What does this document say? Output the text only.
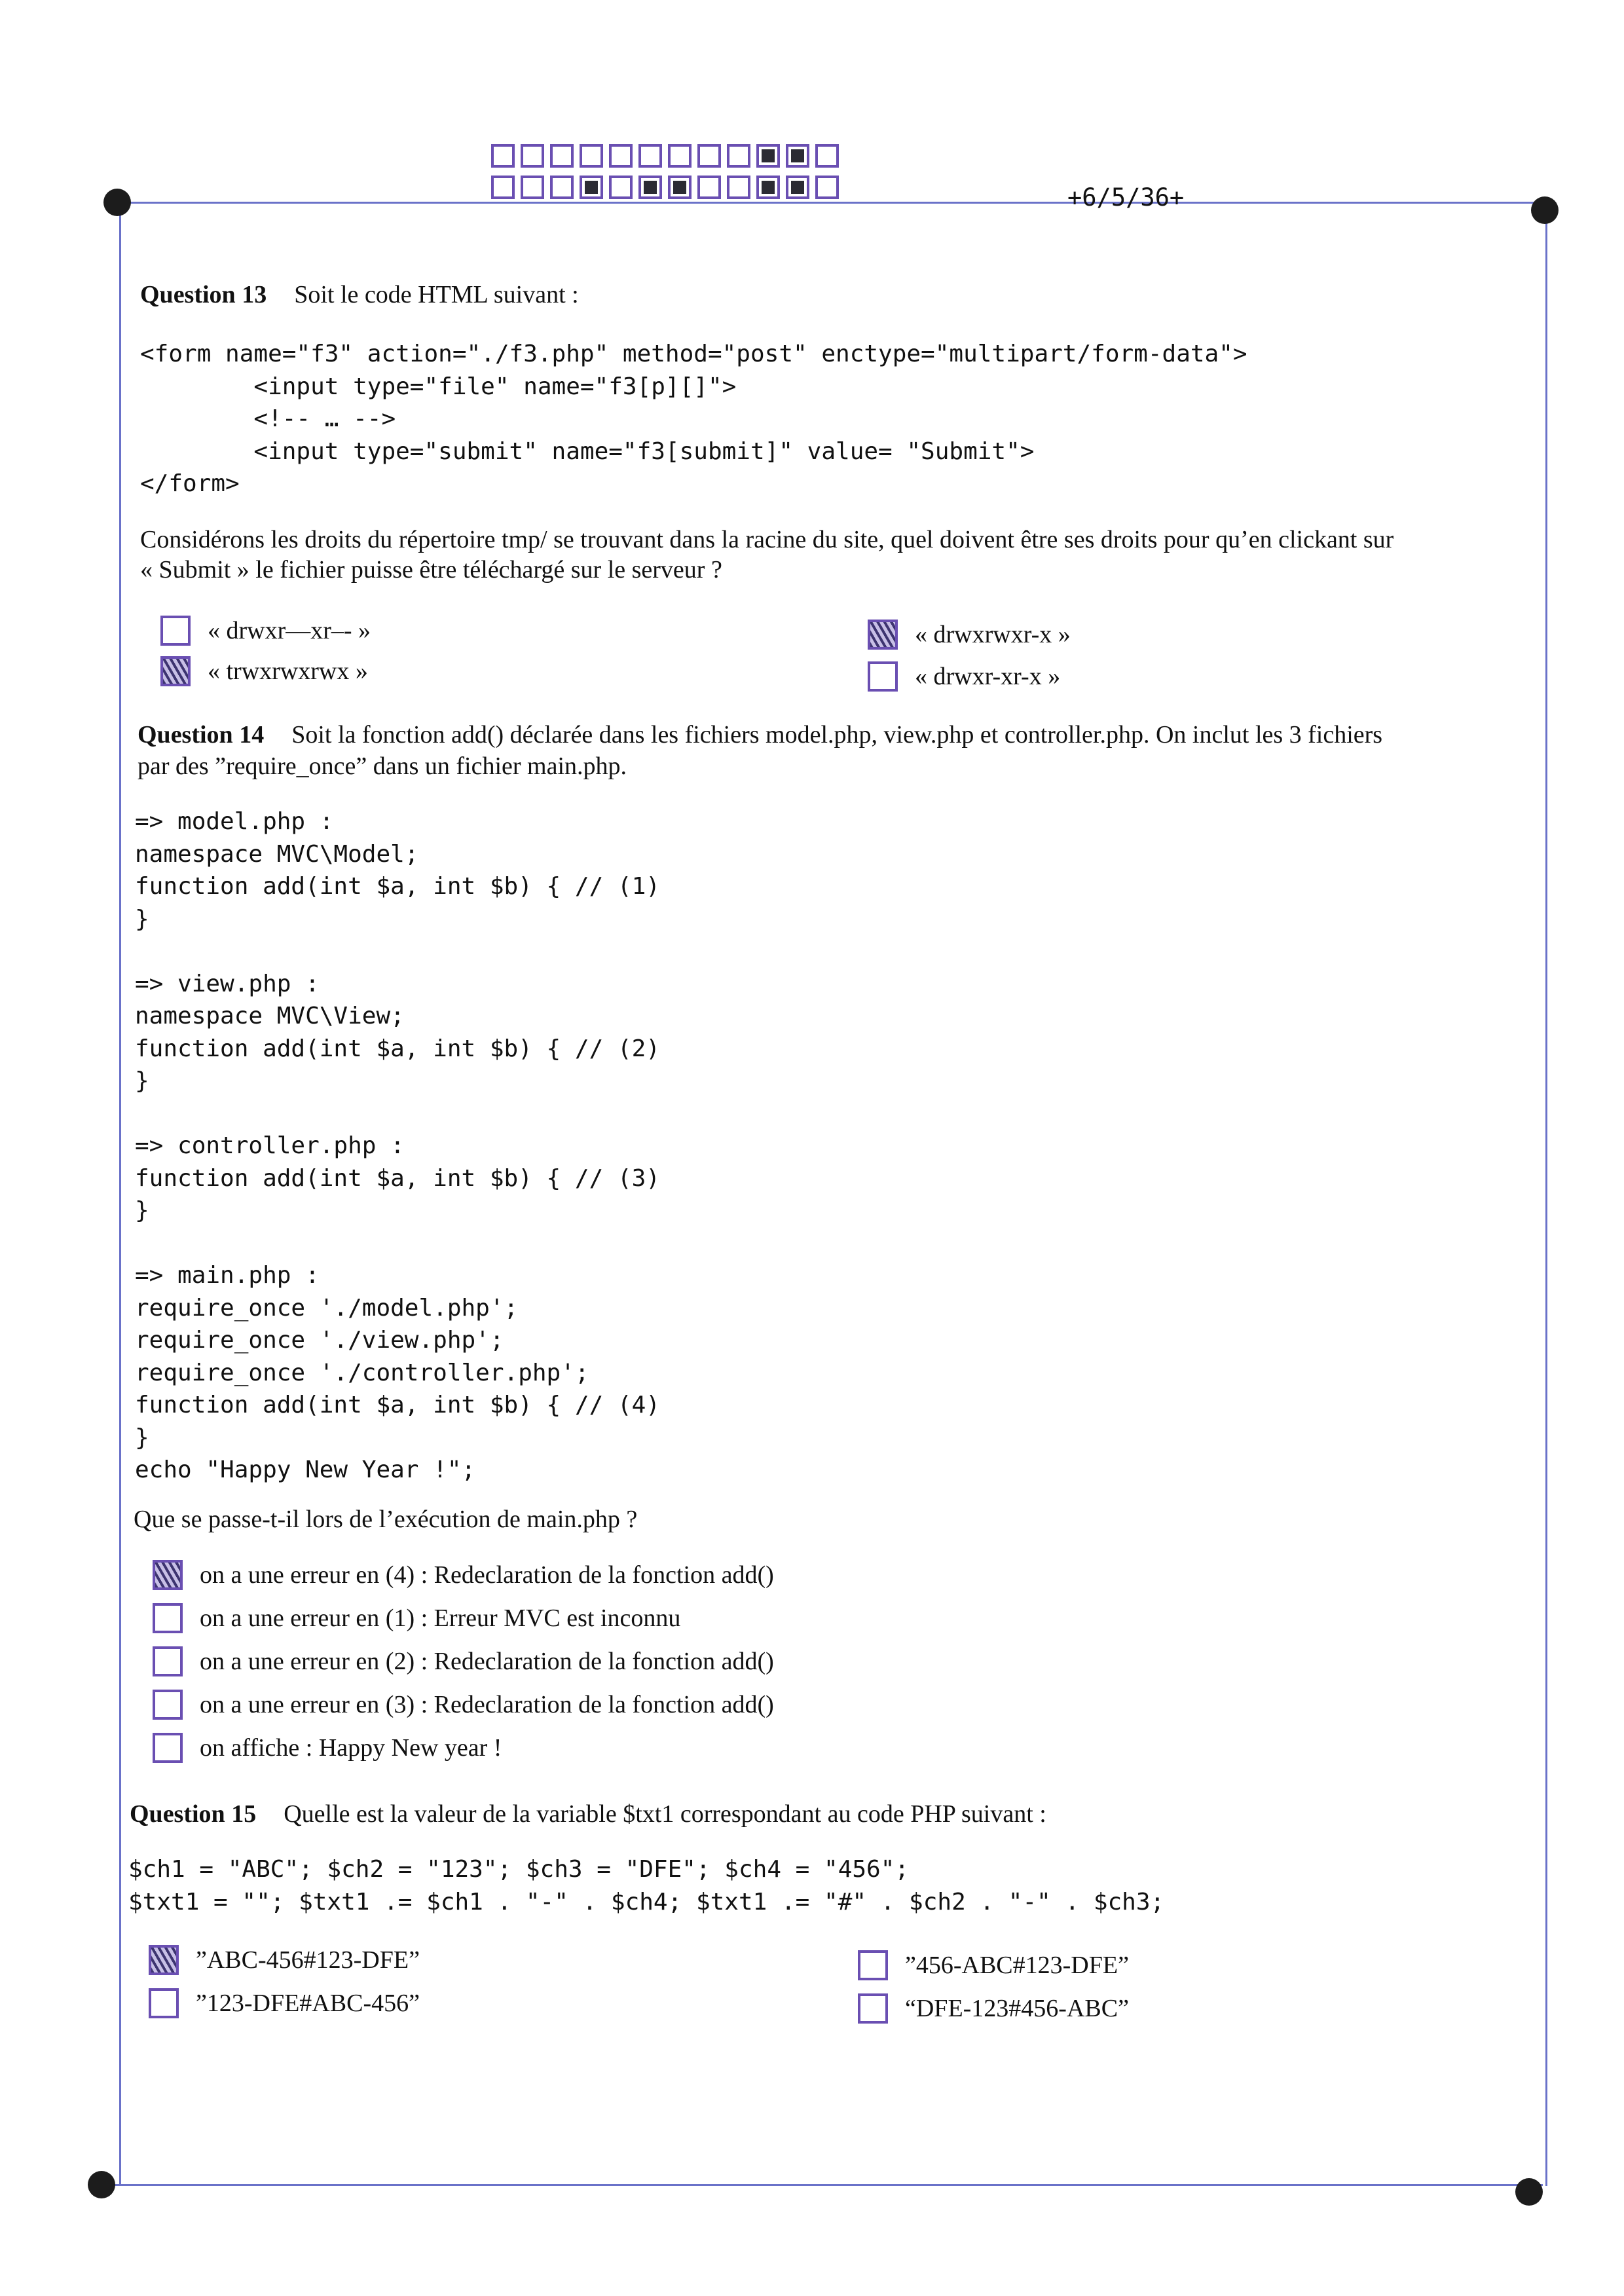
+6/5/36+
Question 13 Soit le code HTML suivant :
<form name="f3" action="./f3.php" method="post" enctype="multipart/form-data">
<input type="file" name="f3[p][]">
<!-- … -->
<input type="submit" name="f3[submit]" value= "Submit">
</form>
Considérons les droits du répertoire tmp/ se trouvant dans la racine du site, quel doivent être ses droits pour qu’en clickant sur
« Submit » le fichier puisse être téléchargé sur le serveur ?
« drwxr—xr–- »	« drwxrwxr-x »
« trwxrwxrwx »	« drwxr-xr-x »
Question 14 Soit la fonction add() déclarée dans les fichiers model.php, view.php et controller.php. On inclut les 3 fichiers
par des ”require_once” dans un fichier main.php.
=> model.php :
namespace MVC\Model;
function add(int $a, int $b) { // (1)
}

=> view.php :
namespace MVC\View;
function add(int $a, int $b) { // (2)
}

=> controller.php :
function add(int $a, int $b) { // (3)
}

=> main.php :
require_once './model.php';
require_once './view.php';
require_once './controller.php';
function add(int $a, int $b) { // (4)
}
echo "Happy New Year !";
Que se passe-t-il lors de l’exécution de main.php ?
on a une erreur en (4) : Redeclaration de la fonction add()
on a une erreur en (1) : Erreur MVC est inconnu
on a une erreur en (2) : Redeclaration de la fonction add()
on a une erreur en (3) : Redeclaration de la fonction add()
on affiche : Happy New year !
Question 15 Quelle est la valeur de la variable $txt1 correspondant au code PHP suivant :
$ch1 = "ABC"; $ch2 = "123"; $ch3 = "DFE"; $ch4 = "456";
$txt1 = ""; $txt1 .= $ch1 . "-" . $ch4; $txt1 .= "#" . $ch2 . "-" . $ch3;
”ABC-456#123-DFE”	”456-ABC#123-DFE”
”123-DFE#ABC-456”	“DFE-123#456-ABC”
